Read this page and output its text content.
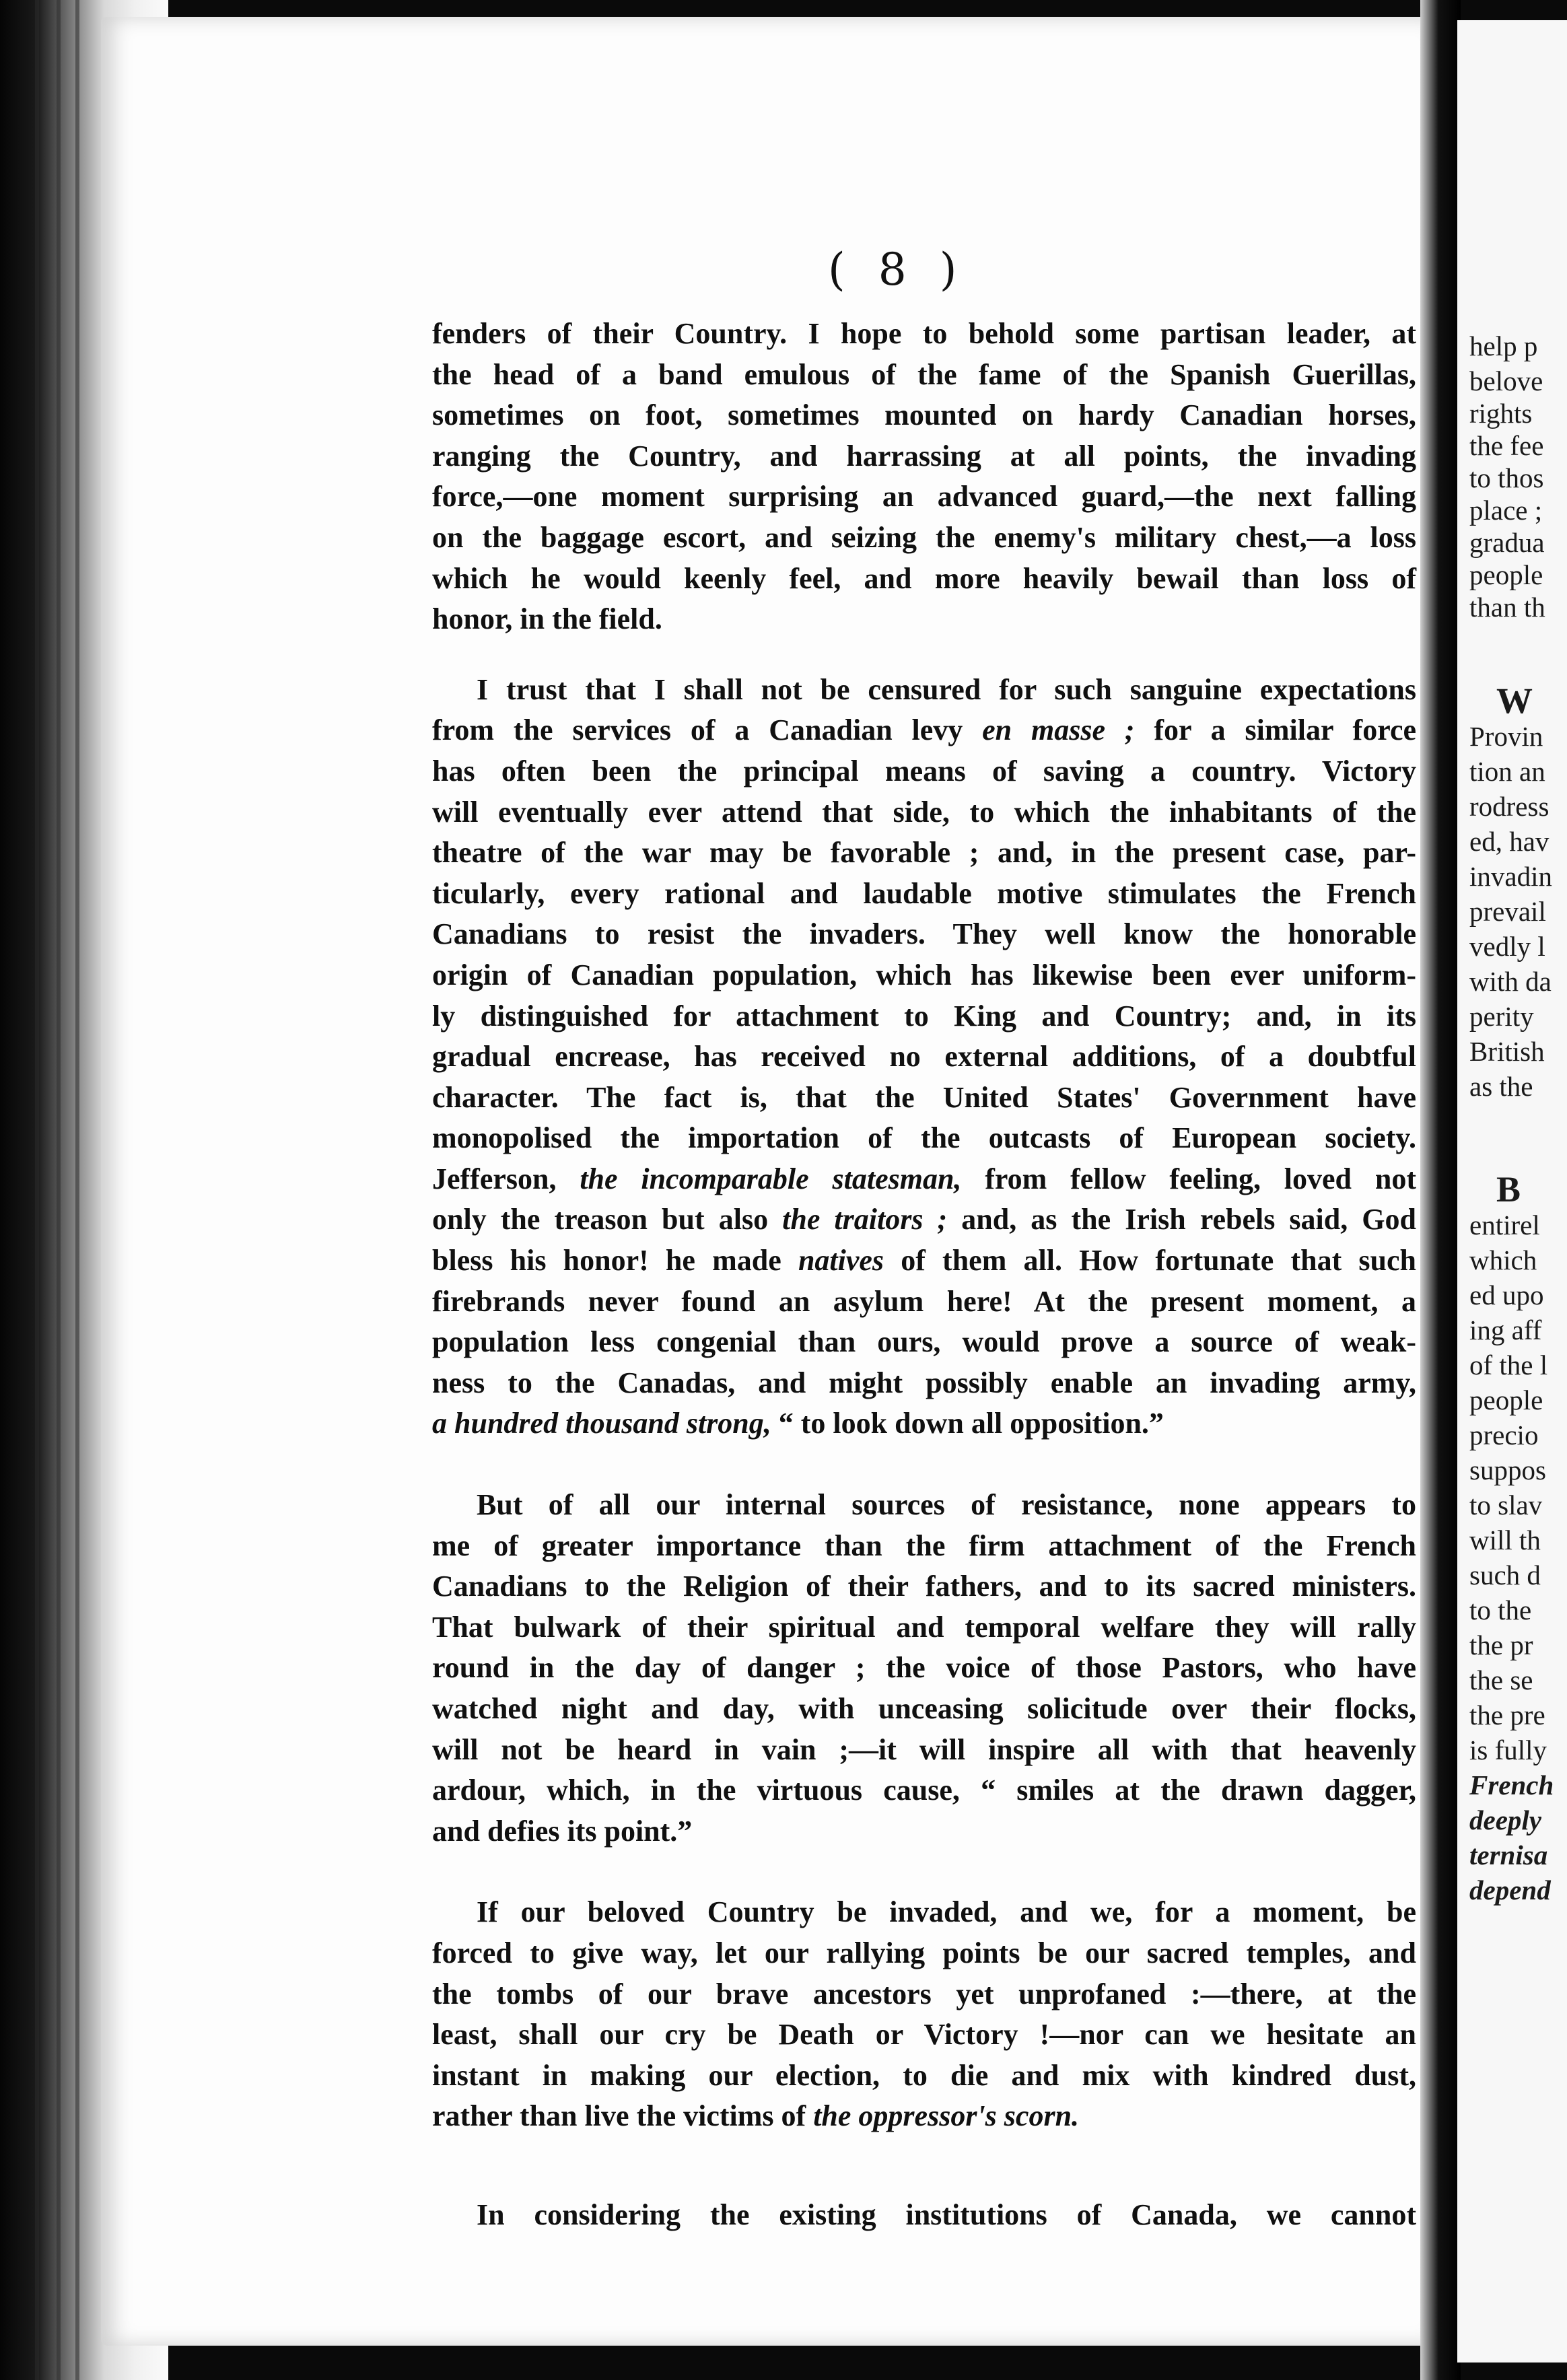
help p
belove
rights
the fee
to thos
place ;
gradua
people
than th
W
Provin
tion an
rodress
ed, hav
invadin
prevail
vedly l
with da
perity
British
as the
B
entirel
which
ed upo
ing aff
of the l
people
precio
suppos
to slav
will th
such d
to the
the pr
the se
the pre
is fully
French
deeply
ternisa
depend
( 8 )

fenders of their Country. I hope to behold some partisan leader, at

the head of a band emulous of the fame of the Spanish Guerillas,

sometimes on foot, sometimes mounted on hardy Canadian horses,

ranging the Country, and harrassing at all points, the invading

force,—one moment surprising an advanced guard,—the next falling

on the baggage escort, and seizing the enemy's military chest,—a loss

which he would keenly feel, and more heavily bewail than loss of

honor, in the field.

I trust that I shall not be censured for such sanguine expectations

from the services of a Canadian levy en masse ; for a similar force

has often been the principal means of saving a country. Victory

will eventually ever attend that side, to which the inhabitants of the

theatre of the war may be favorable ; and, in the present case, par-

ticularly, every rational and laudable motive stimulates the French

Canadians to resist the invaders. They well know the honorable

origin of Canadian population, which has likewise been ever uniform-

ly distinguished for attachment to King and Country; and, in its

gradual encrease, has received no external additions, of a doubtful

character. The fact is, that the United States' Government have

monopolised the importation of the outcasts of European society.

Jefferson, the incomparable statesman, from fellow feeling, loved not

only the treason but also the traitors ; and, as the Irish rebels said, God

bless his honor! he made natives of them all. How fortunate that such

firebrands never found an asylum here! At the present moment, a

population less congenial than ours, would prove a source of weak-

ness to the Canadas, and might possibly enable an invading army,

a hundred thousand strong, “ to look down all opposition.”

But of all our internal sources of resistance, none appears to

me of greater importance than the firm attachment of the French

Canadians to the Religion of their fathers, and to its sacred ministers.

That bulwark of their spiritual and temporal welfare they will rally

round in the day of danger ; the voice of those Pastors, who have

watched night and day, with unceasing solicitude over their flocks,

will not be heard in vain ;—it will inspire all with that heavenly

ardour, which, in the virtuous cause, “ smiles at the drawn dagger,

and defies its point.”

If our beloved Country be invaded, and we, for a moment, be

forced to give way, let our rallying points be our sacred temples, and

the tombs of our brave ancestors yet unprofaned :—there, at the

least, shall our cry be Death or Victory !—nor can we hesitate an

instant in making our election, to die and mix with kindred dust,

rather than live the victims of the oppressor's scorn.

In considering the existing institutions of Canada, we cannot
